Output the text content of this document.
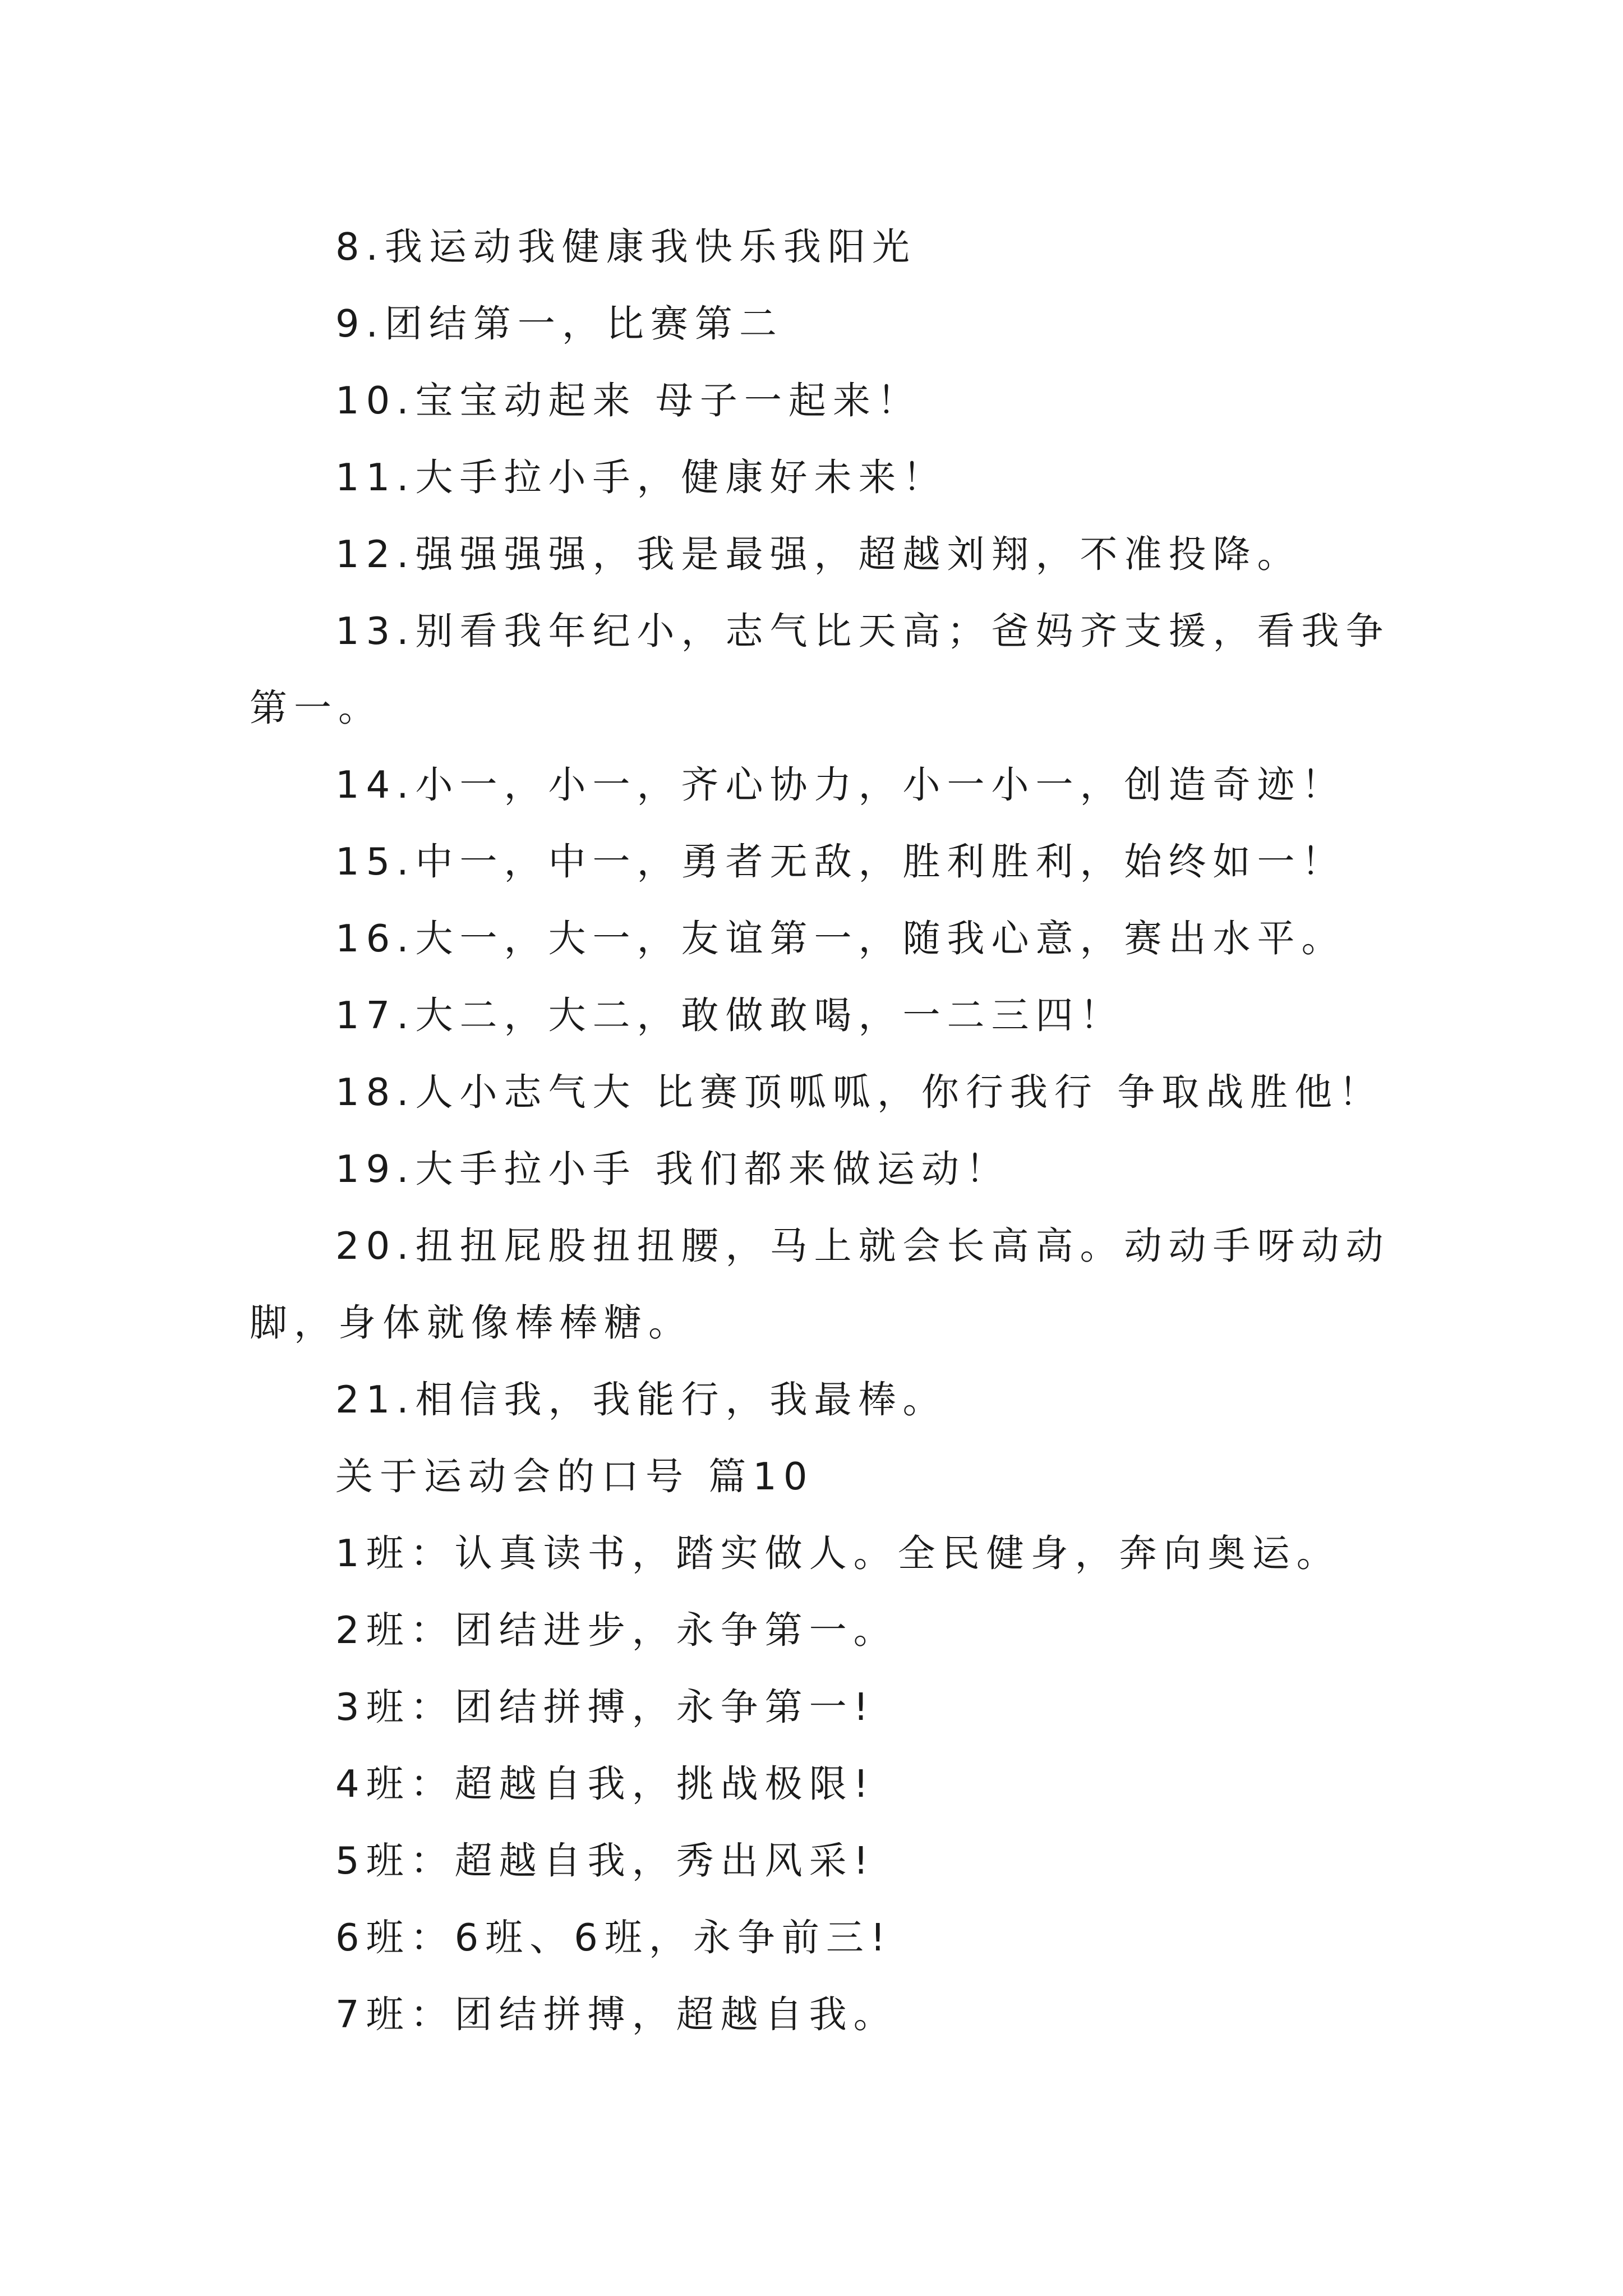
8.我运动我健康我快乐我阳光

9.团结第一，比赛第二

10.宝宝动起来 母子一起来！

11.大手拉小手，健康好未来！

12.强强强强，我是最强，超越刘翔，不准投降。

13.别看我年纪小，志气比天高；爸妈齐支援，看我争

第一。

14.小一，小一，齐心协力，小一小一，创造奇迹！

15.中一，中一，勇者无敌，胜利胜利，始终如一！

16.大一，大一，友谊第一，随我心意，赛出水平。

17.大二，大二，敢做敢喝，一二三四！

18.人小志气大 比赛顶呱呱，你行我行 争取战胜他！

19.大手拉小手 我们都来做运动！

20.扭扭屁股扭扭腰，马上就会长高高。动动手呀动动

脚，身体就像棒棒糖。

21.相信我，我能行，我最棒。

关于运动会的口号 篇10

1班：认真读书，踏实做人。全民健身，奔向奥运。

2班：团结进步，永争第一。

3班：团结拼搏，永争第一!

4班：超越自我，挑战极限!

5班：超越自我，秀出风采!

6班：6班、6班，永争前三!

7班：团结拼搏，超越自我。
